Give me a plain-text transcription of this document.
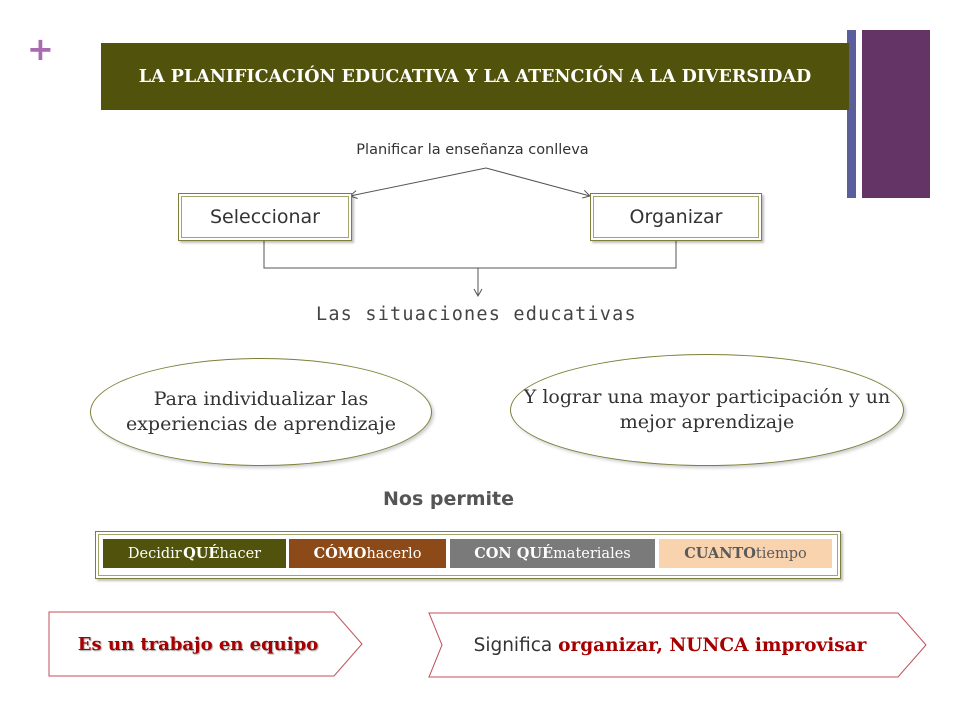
+
LA PLANIFICACIÓN EDUCATIVA Y LA ATENCIÓN A LA DIVERSIDAD
Planificar la enseñanza conlleva
Seleccionar	Organizar
Las situaciones educativas
Para individualizar las experiencias de aprendizaje
Y lograr una mayor participación y un mejor aprendizaje
Nos permite
Decidir
  QUÉ hacer	CÓMO hacerlo	CON QUÉ materiales	CUANTO tiempo
Es un trabajo en equipo	Significa
organizar, NUNCA improvisar
